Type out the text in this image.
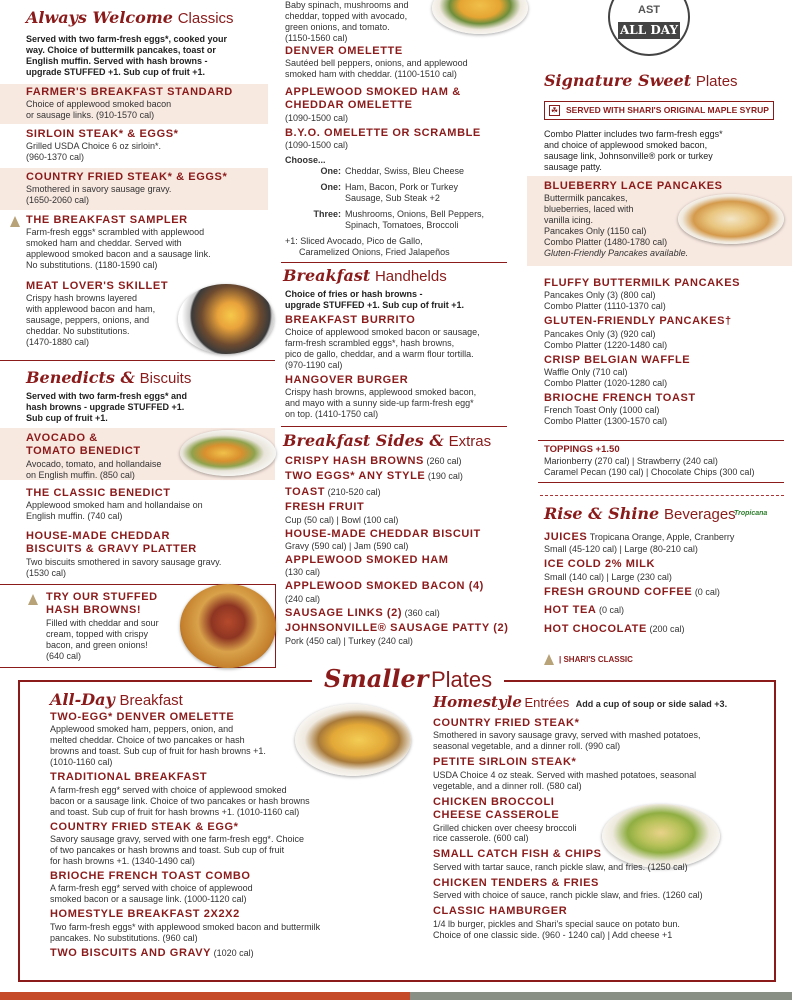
Always Welcome Classics
Served with two farm-fresh eggs*, cooked your
way. Choice of buttermilk pancakes, toast or
English muffin. Served with hash browns -
upgrade STUFFED +1. Sub cup of fruit +1.
FARMER'S BREAKFAST STANDARD
Choice of applewood smoked bacon
or sausage links. (910-1570 cal)
SIRLOIN STEAK* & EGGS*
Grilled USDA Choice 6 oz sirloin*.
(960-1370 cal)
COUNTRY FRIED STEAK* & EGGS*
Smothered in savory sausage gravy.
(1650-2060 cal)
THE BREAKFAST SAMPLER
Farm-fresh eggs* scrambled with applewood
smoked ham and cheddar. Served with
applewood smoked bacon and a sausage link.
No substitutions. (1180-1590 cal)
MEAT LOVER'S SKILLET
Crispy hash browns layered
with applewood bacon and ham,
sausage, peppers, onions, and
cheddar. No substitutions.
(1470-1880 cal)
Benedicts & Biscuits
Served with two farm-fresh eggs* and
hash browns - upgrade STUFFED +1.
Sub cup of fruit +1.
AVOCADO &
TOMATO BENEDICT
Avocado, tomato, and hollandaise
on English muffin. (850 cal)
THE CLASSIC BENEDICT
Applewood smoked ham and hollandaise on
English muffin. (740 cal)
HOUSE-MADE CHEDDAR
BISCUITS & GRAVY PLATTER
Two biscuits smothered in savory sausage gravy.
(1530 cal)
TRY OUR STUFFED
HASH BROWNS!
Filled with cheddar and sour
cream, topped with crispy
bacon, and green onions!
(640 cal)
Baby spinach, mushrooms and
cheddar, topped with avocado,
green onions, and tomato.
(1150-1560 cal)
DENVER OMELETTE
Sautéed bell peppers, onions, and applewood
smoked ham with cheddar. (1100-1510 cal)
APPLEWOOD SMOKED HAM &
CHEDDAR OMELETTE
(1090-1500 cal)
B.Y.O. OMELETTE OR SCRAMBLE
(1090-1500 cal)
Choose...
One: Cheddar, Swiss, Bleu Cheese
One: Ham, Bacon, Pork or Turkey
Sausage, Sub Steak +2
Three: Mushrooms, Onions, Bell Peppers,
Spinach, Tomatoes, Broccoli
+1: Sliced Avocado, Pico de Gallo,
Caramelized Onions, Fried Jalapeños
Breakfast Handhelds
Choice of fries or hash browns -
upgrade STUFFED +1. Sub cup of fruit +1.
BREAKFAST BURRITO
Choice of applewood smoked bacon or sausage,
farm-fresh scrambled eggs*, hash browns,
pico de gallo, cheddar, and a warm flour tortilla.
(970-1190 cal)
HANGOVER BURGER
Crispy hash browns, applewood smoked bacon,
and mayo with a sunny side-up farm-fresh egg*
on top. (1410-1750 cal)
Breakfast Sides & Extras
CRISPY HASH BROWNS (260 cal)
TWO EGGS* ANY STYLE (190 cal)
TOAST (210-520 cal)
FRESH FRUIT
Cup (50 cal) | Bowl (100 cal)
HOUSE-MADE CHEDDAR BISCUIT
Gravy (590 cal) | Jam (590 cal)
APPLEWOOD SMOKED HAM
(130 cal)
APPLEWOOD SMOKED BACON (4)
(240 cal)
SAUSAGE LINKS (2) (360 cal)
JOHNSONVILLE® SAUSAGE PATTY (2)
Pork (450 cal) | Turkey (240 cal)
AST
ALL DAY
Signature Sweet Plates
☘ SERVED WITH SHARI'S ORIGINAL MAPLE SYRUP
Combo Platter includes two farm-fresh eggs*
and choice of applewood smoked bacon,
sausage link, Johnsonville® pork or turkey
sausage patty.
BLUEBERRY LACE PANCAKES
Buttermilk pancakes,
blueberries, laced with
vanilla icing.
Pancakes Only (1150 cal)
Combo Platter (1480-1780 cal)
Gluten-Friendly Pancakes available.
FLUFFY BUTTERMILK PANCAKES
Pancakes Only (3) (800 cal)
Combo Platter (1110-1370 cal)
GLUTEN-FRIENDLY PANCAKES†
Pancakes Only (3) (920 cal)
Combo Platter (1220-1480 cal)
CRISP BELGIAN WAFFLE
Waffle Only (710 cal)
Combo Platter (1020-1280 cal)
BRIOCHE FRENCH TOAST
French Toast Only (1000 cal)
Combo Platter (1300-1570 cal)
TOPPINGS +1.50
Marionberry (270 cal) | Strawberry (240 cal)
Caramel Pecan (190 cal) | Chocolate Chips (300 cal)
Rise & Shine Beverages
Tropicana
JUICES Tropicana Orange, Apple, Cranberry
Small (45-120 cal) | Large (80-210 cal)
ICE COLD 2% MILK
Small (140 cal) | Large (230 cal)
FRESH GROUND COFFEE (0 cal)
HOT TEA (0 cal)
HOT CHOCOLATE (200 cal)
| SHARI'S CLASSIC
Smaller Plates
All-Day Breakfast
TWO-EGG* DENVER OMELETTE
Applewood smoked ham, peppers, onion, and
melted cheddar. Choice of two pancakes or hash
browns and toast. Sub cup of fruit for hash browns +1.
(1010-1160 cal)
TRADITIONAL BREAKFAST
A farm-fresh egg* served with choice of applewood smoked
bacon or a sausage link. Choice of two pancakes or hash browns
and toast. Sub cup of fruit for hash browns +1. (1010-1160 cal)
COUNTRY FRIED STEAK & EGG*
Savory sausage gravy, served with one farm-fresh egg*. Choice
of two pancakes or hash browns and toast. Sub cup of fruit
for hash browns +1. (1340-1490 cal)
BRIOCHE FRENCH TOAST COMBO
A farm-fresh egg* served with choice of applewood
smoked bacon or a sausage link. (1000-1120 cal)
HOMESTYLE BREAKFAST 2X2X2
Two farm-fresh eggs* with applewood smoked bacon and buttermilk
pancakes. No substitutions. (960 cal)
TWO BISCUITS AND GRAVY (1020 cal)
Homestyle Entrées Add a cup of soup or side salad +3.
COUNTRY FRIED STEAK*
Smothered in savory sausage gravy, served with mashed potatoes,
seasonal vegetable, and a dinner roll. (990 cal)
PETITE SIRLOIN STEAK*
USDA Choice 4 oz steak. Served with mashed potatoes, seasonal
vegetable, and a dinner roll. (580 cal)
CHICKEN BROCCOLI
CHEESE CASSEROLE
Grilled chicken over cheesy broccoli
rice casserole. (600 cal)
SMALL CATCH FISH & CHIPS
Served with tartar sauce, ranch pickle slaw, and fries. (1250 cal)
CHICKEN TENDERS & FRIES
Served with choice of sauce, ranch pickle slaw, and fries. (1260 cal)
CLASSIC HAMBURGER
1/4 lb burger, pickles and Shari's special sauce on potato bun.
Choice of one classic side. (960 - 1240 cal) | Add cheese +1
